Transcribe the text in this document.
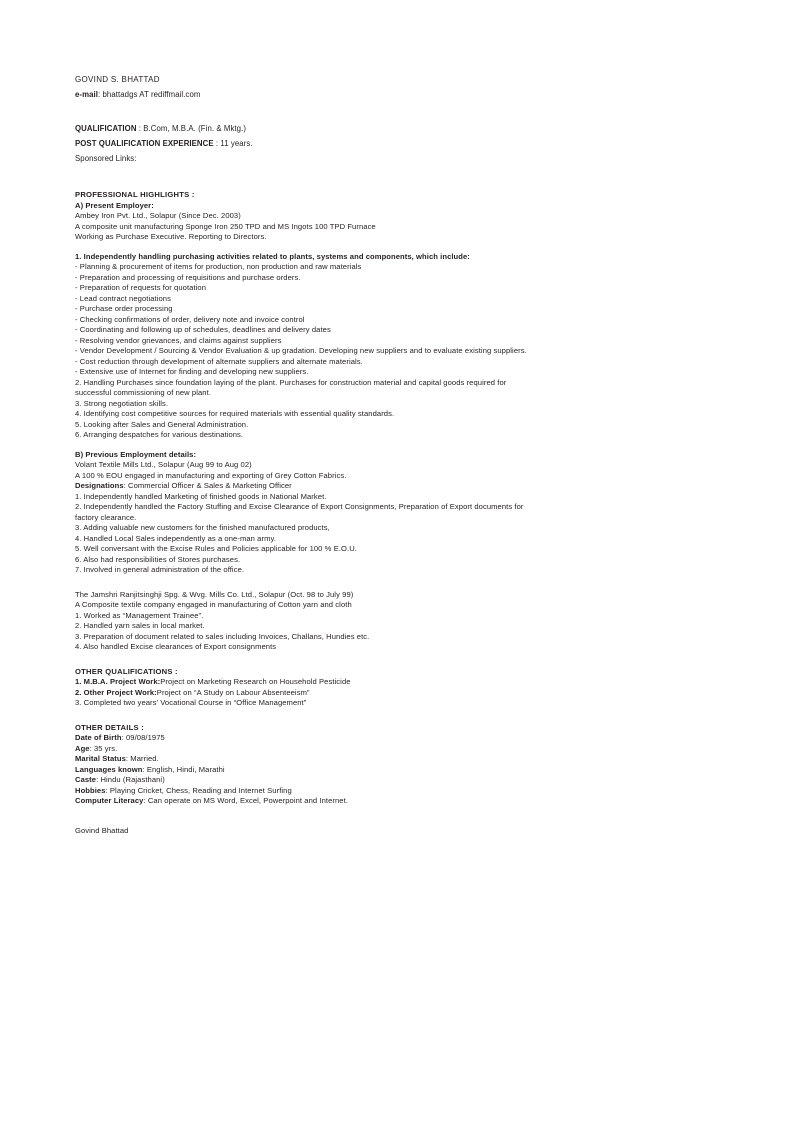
GOVIND S. BHATTAD
e-mail: bhattadgs AT rediffmail.com
QUALIFICATION : B.Com, M.B.A. (Fin. & Mktg.)
POST QUALIFICATION EXPERIENCE : 11 years.
Sponsored Links:
PROFESSIONAL HIGHLIGHTS :
A) Present Employer:
Ambey Iron Pvt. Ltd., Solapur (Since Dec. 2003)
A composite unit manufacturing Sponge Iron 250 TPD and MS Ingots 100 TPD Furnace
Working as Purchase Executive. Reporting to Directors.
1. Independently handling purchasing activities related to plants, systems and components, which include:
- Planning & procurement of items for production, non production and raw materials
- Preparation and processing of requisitions and purchase orders.
- Preparation of requests for quotation
- Lead contract negotiations
- Purchase order processing
- Checking confirmations of order, delivery note and invoice control
- Coordinating and following up of schedules, deadlines and delivery dates
- Resolving vendor grievances, and claims against suppliers
- Vendor Development / Sourcing & Vendor Evaluation & up gradation. Developing new suppliers and to evaluate existing suppliers.
- Cost reduction through development of alternate suppliers and alternate materials.
- Extensive use of Internet for finding and developing new suppliers.
2. Handling Purchases since foundation laying of the plant. Purchases for construction material and capital goods required for successful commissioning of new plant.
3. Strong negotiation skills.
4. Identifying cost competitive sources for required materials with essential quality standards.
5. Looking after Sales and General Administration.
6. Arranging despatches for various destinations.
B) Previous Employment details:
Volant Textile Mills Ltd., Solapur (Aug 99 to Aug 02)
A 100 % EOU engaged in manufacturing and exporting of Grey Cotton Fabrics.
Designations: Commercial Officer & Sales & Marketing Officer
1. Independently handled Marketing of finished goods in National Market.
2. Independently handled the Factory Stuffing and Excise Clearance of Export Consignments, Preparation of Export documents for factory clearance.
3. Adding valuable new customers for the finished manufactured products,
4. Handled Local Sales independently as a one-man army.
5. Well conversant with the Excise Rules and Policies applicable for 100 % E.O.U.
6. Also had responsibilities of Stores purchases.
7. Involved in general administration of the office.
The Jamshri Ranjitsinghji Spg. & Wvg. Mills Co. Ltd., Solapur (Oct. 98 to July 99)
A Composite textile company engaged in manufacturing of Cotton yarn and cloth
1. Worked as “Management Trainee”.
2. Handled yarn sales in local market.
3. Preparation of document related to sales including Invoices, Challans, Hundies etc.
4. Also handled Excise clearances of Export consignments
OTHER QUALIFICATIONS :
1. M.B.A. Project Work:Project on Marketing Research on Household Pesticide
2. Other Project Work:Project on “A Study on Labour Absenteeism”
3. Completed two years’ Vocational Course in “Office Management”
OTHER DETAILS :
Date of Birth: 09/08/1975
Age: 35 yrs.
Marital Status: Married.
Languages known: English, Hindi, Marathi
Caste: Hindu (Rajasthani)
Hobbies: Playing Cricket, Chess, Reading and Internet Surfing
Computer Literacy: Can operate on MS Word, Excel, Powerpoint and Internet.
Govind Bhattad
